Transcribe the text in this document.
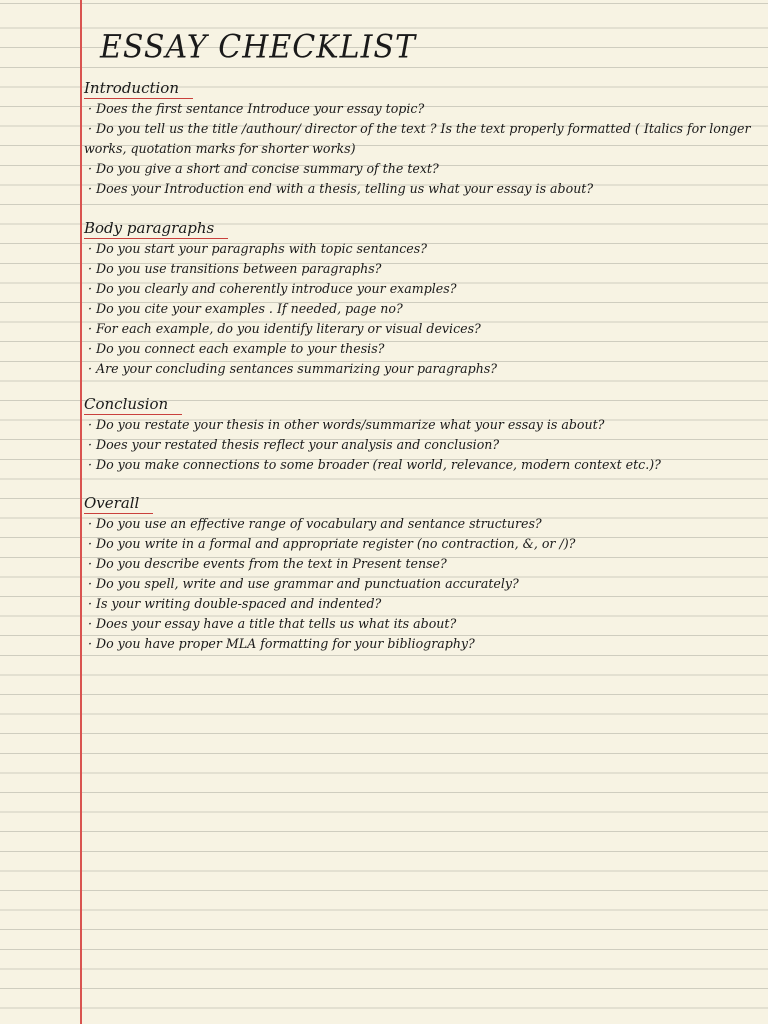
ESSAY CHECKLIST
Introduction
· Does the first sentance Introduce your essay topic?
· Do you tell us the title /authour/ director of the text ? Is the text properly formatted ( Italics for longer works, quotation marks for shorter works)
· Do you give a short and concise summary of the text?
· Does your Introduction end with a thesis, telling us what your essay is about?
Body paragraphs
· Do you start your paragraphs with topic sentances?
· Do you use transitions between paragraphs?
· Do you clearly and coherently introduce your examples?
· Do you cite your examples . If needed, page no?
· For each example, do you identify literary or visual devices?
· Do you connect each example to your thesis?
· Are your concluding sentances summarizing your paragraphs?
Conclusion
· Do you restate your thesis in other words/summarize what your essay is about?
· Does your restated thesis reflect your analysis and conclusion?
· Do you make connections to some broader (real world, relevance, modern context etc.)?
Overall
· Do you use an effective range of vocabulary and sentance structures?
· Do you write in a formal and appropriate register (no contraction, &, or /)?
· Do you describe events from the text in Present tense?
· Do you spell, write and use grammar and punctuation accurately?
· Is your writing double-spaced and indented?
· Does your essay have a title that tells us what its about?
· Do you have proper MLA formatting for your bibliography?
